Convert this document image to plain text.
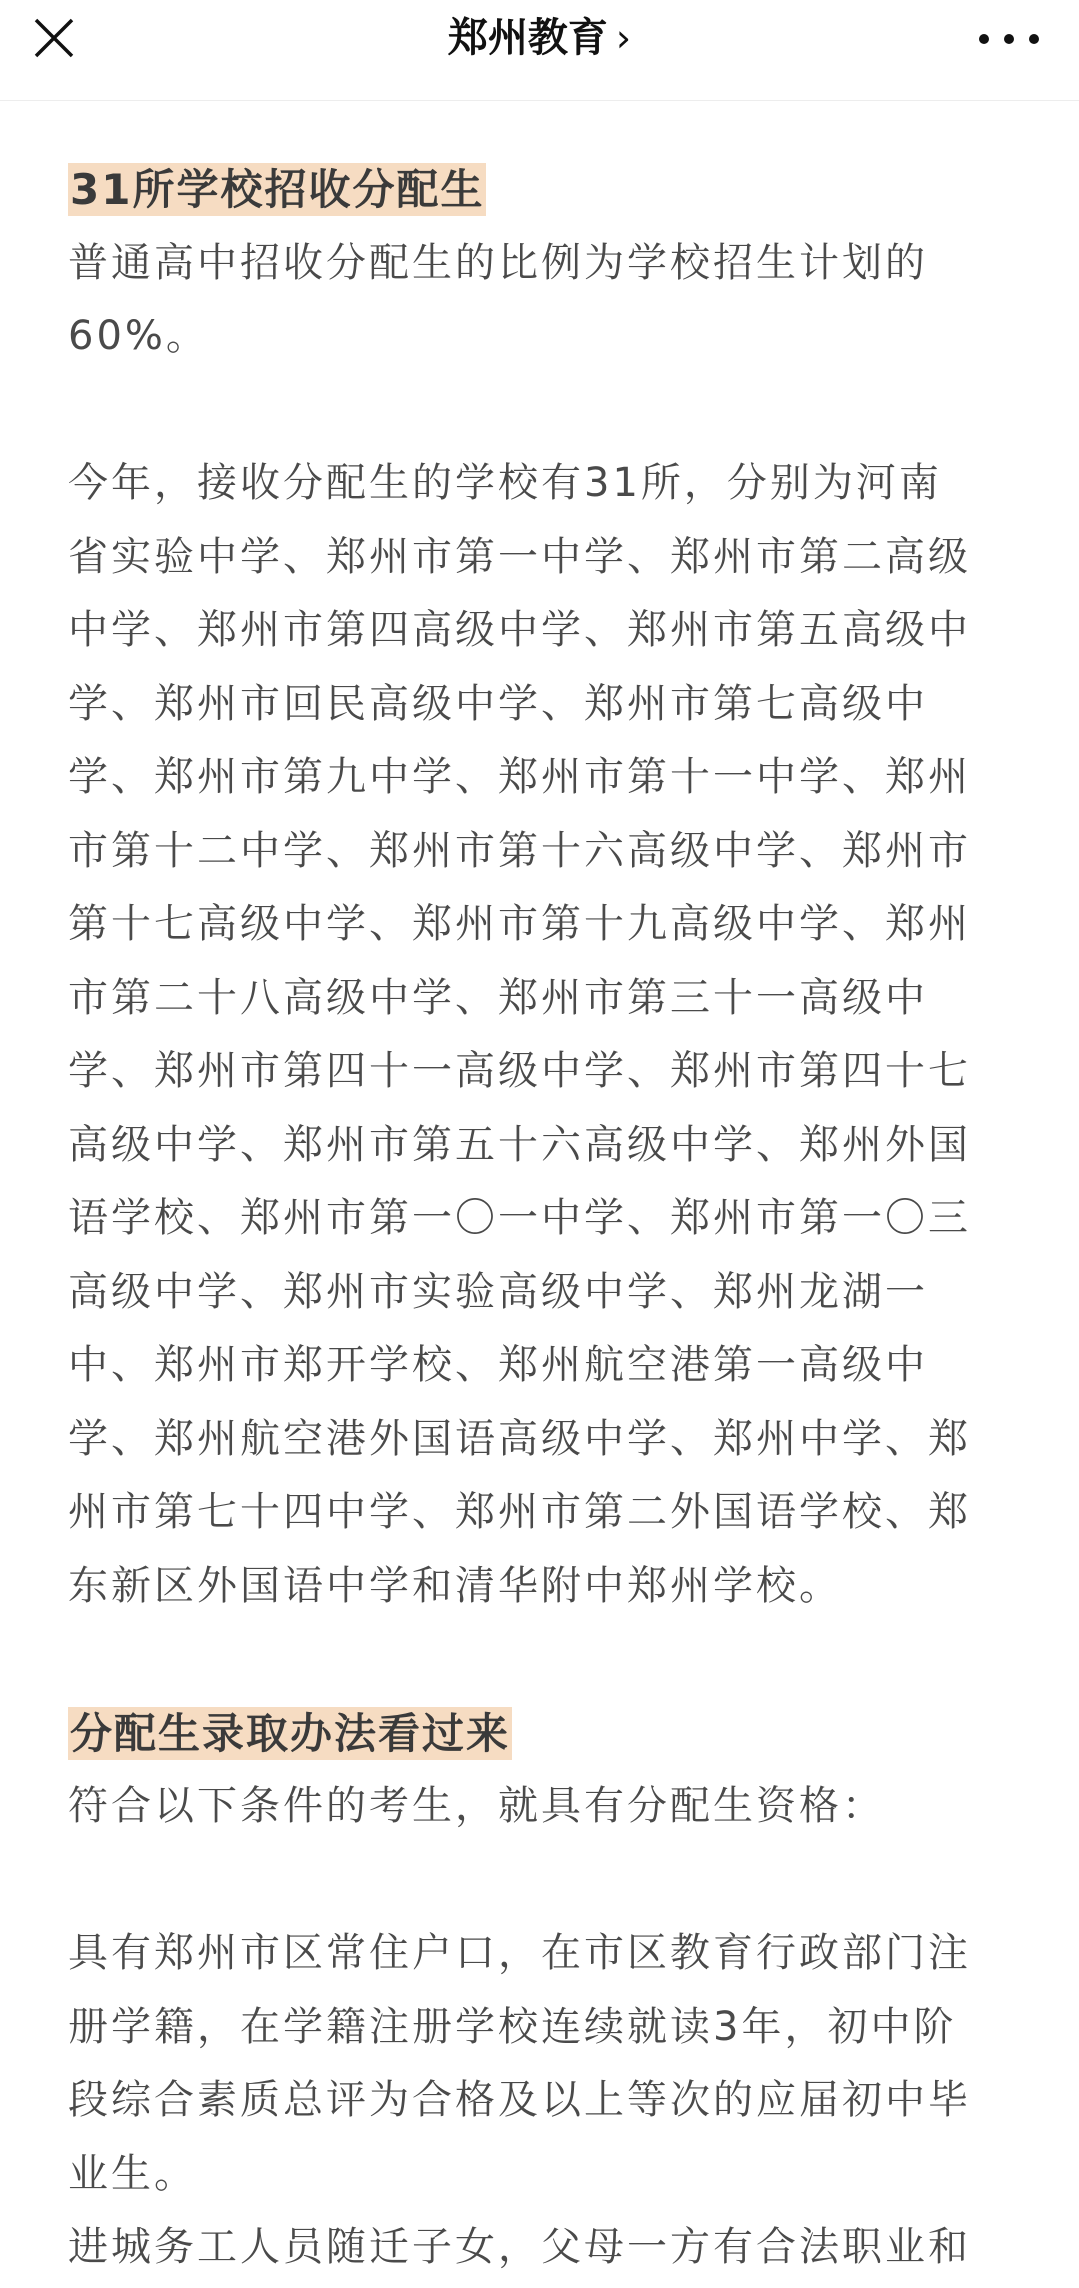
郑州教育 ›
31所学校招收分配生
普通高中招收分配生的比例为学校招生计划的
60%。
今年，接收分配生的学校有31所，分别为河南
省实验中学、郑州市第一中学、郑州市第二高级
中学、郑州市第四高级中学、郑州市第五高级中
学、郑州市回民高级中学、郑州市第七高级中
学、郑州市第九中学、郑州市第十一中学、郑州
市第十二中学、郑州市第十六高级中学、郑州市
第十七高级中学、郑州市第十九高级中学、郑州
市第二十八高级中学、郑州市第三十一高级中
学、郑州市第四十一高级中学、郑州市第四十七
高级中学、郑州市第五十六高级中学、郑州外国
语学校、郑州市第一〇一中学、郑州市第一〇三
高级中学、郑州市实验高级中学、郑州龙湖一
中、郑州市郑开学校、郑州航空港第一高级中
学、郑州航空港外国语高级中学、郑州中学、郑
州市第七十四中学、郑州市第二外国语学校、郑
东新区外国语中学和清华附中郑州学校。
分配生录取办法看过来
符合以下条件的考生，就具有分配生资格：
具有郑州市区常住户口，在市区教育行政部门注
册学籍，在学籍注册学校连续就读3年，初中阶
段综合素质总评为合格及以上等次的应届初中毕
业生。
进城务工人员随迁子女，父母一方有合法职业和
